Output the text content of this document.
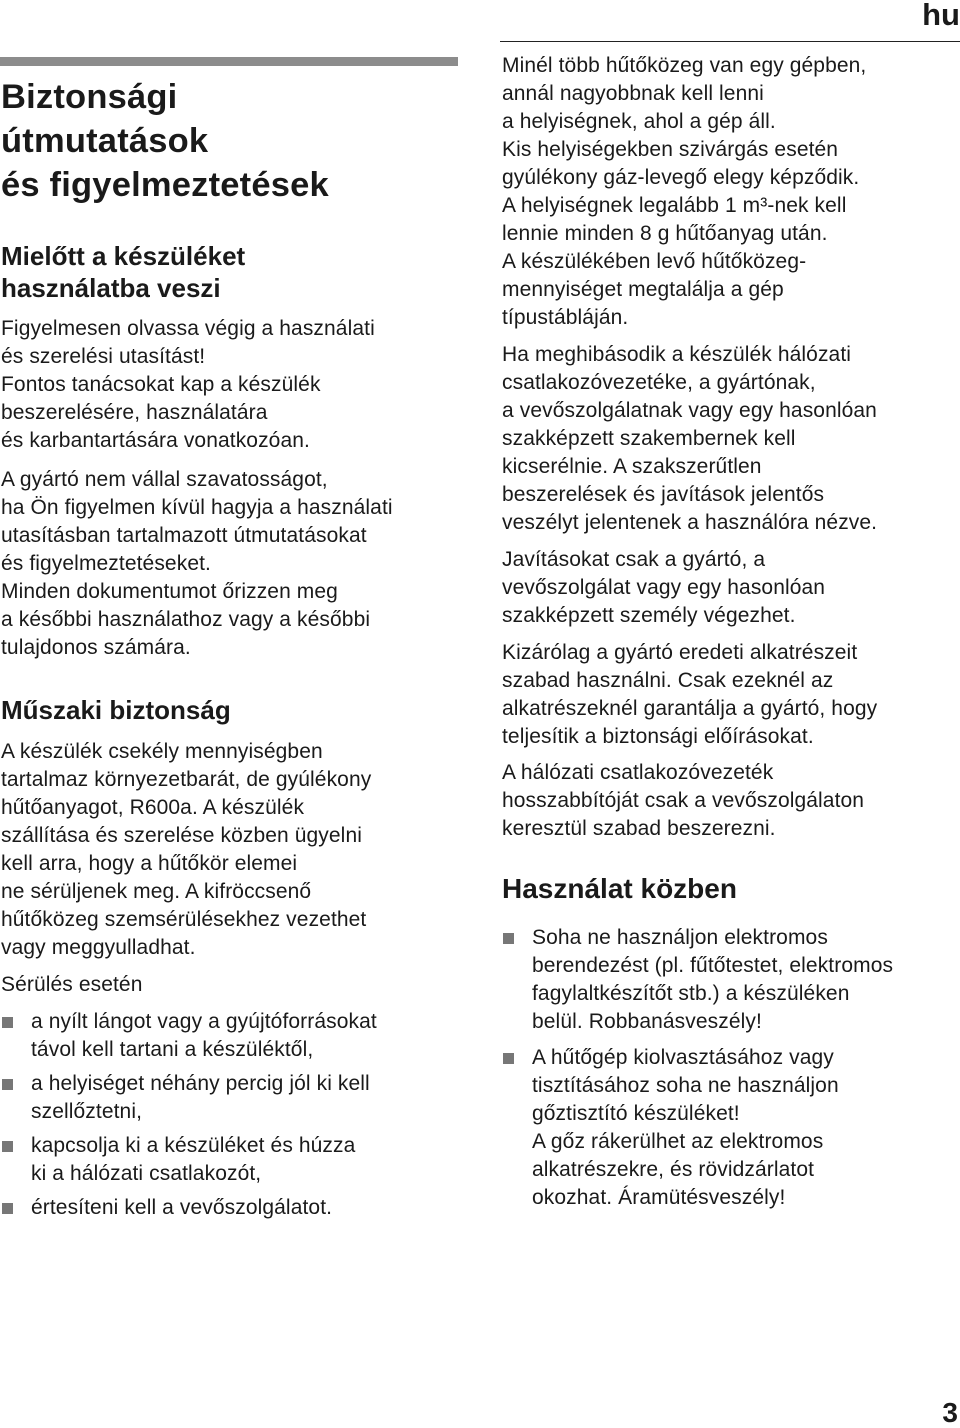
hu
Biztonsági
útmutatások
és figyelmeztetések
Mielőtt a készüléket
használatba veszi

Figyelmesen olvassa végig a használati
és szerelési utasítást!
Fontos tanácsokat kap a készülék
beszerelésére, használatára
és karbantartására vonatkozóan.

A gyártó nem vállal szavatosságot,
ha Ön figyelmen kívül hagyja a használati
utasításban tartalmazott útmutatásokat
és figyelmeztetéseket.
Minden dokumentumot őrizzen meg
a későbbi használathoz vagy a későbbi
tulajdonos számára.

Műszaki biztonság

A készülék csekély mennyiségben
tartalmaz környezetbarát, de gyúlékony
hűtőanyagot, R600a. A készülék
szállítása és szerelése közben ügyelni
kell arra, hogy a hűtőkör elemei
ne sérüljenek meg. A kifröccsenő
hűtőközeg szemsérülésekhez vezethet
vagy meggyulladhat.

Sérülés esetén

a nyílt lángot vagy a gyújtóforrásokat
távol kell tartani a készüléktől,
a helyiséget néhány percig jól ki kell
szellőztetni,
kapcsolja ki a készüléket és húzza
ki a hálózati csatlakozót,
értesíteni kell a vevőszolgálatot.

Minél több hűtőközeg van egy gépben,
annál nagyobbnak kell lenni
a helyiségnek, ahol a gép áll.
Kis helyiségekben szivárgás esetén
gyúlékony gáz-levegő elegy képződik.
A helyiségnek legalább 1 m³-nek kell
lennie minden 8 g hűtőanyag után.
A készülékében levő hűtőközeg-
mennyiséget megtalálja a gép
típustábláján.

Ha meghibásodik a készülék hálózati
csatlakozóvezetéke, a gyártónak,
a vevőszolgálatnak vagy egy hasonlóan
szakképzett szakembernek kell
kicserélnie. A szakszerűtlen
beszerelések és javítások jelentős
veszélyt jelentenek a használóra nézve.

Javításokat csak a gyártó, a
vevőszolgálat vagy egy hasonlóan
szakképzett személy végezhet.

Kizárólag a gyártó eredeti alkatrészeit
szabad használni. Csak ezeknél az
alkatrészeknél garantálja a gyártó, hogy
teljesítik a biztonsági előírásokat.

A hálózati csatlakozóvezeték
hosszabbítóját csak a vevőszolgálaton
keresztül szabad beszerezni.

Használat közben
Soha ne használjon elektromos
berendezést (pl. fűtőtestet, elektromos
fagylaltkészítőt stb.) a készüléken
belül. Robbanásveszély!
A hűtőgép kiolvasztásához vagy
tisztításához soha ne használjon
gőztisztító készüléket!
A gőz rákerülhet az elektromos
alkatrészekre, és rövidzárlatot
okozhat. Áramütésveszély!
3
